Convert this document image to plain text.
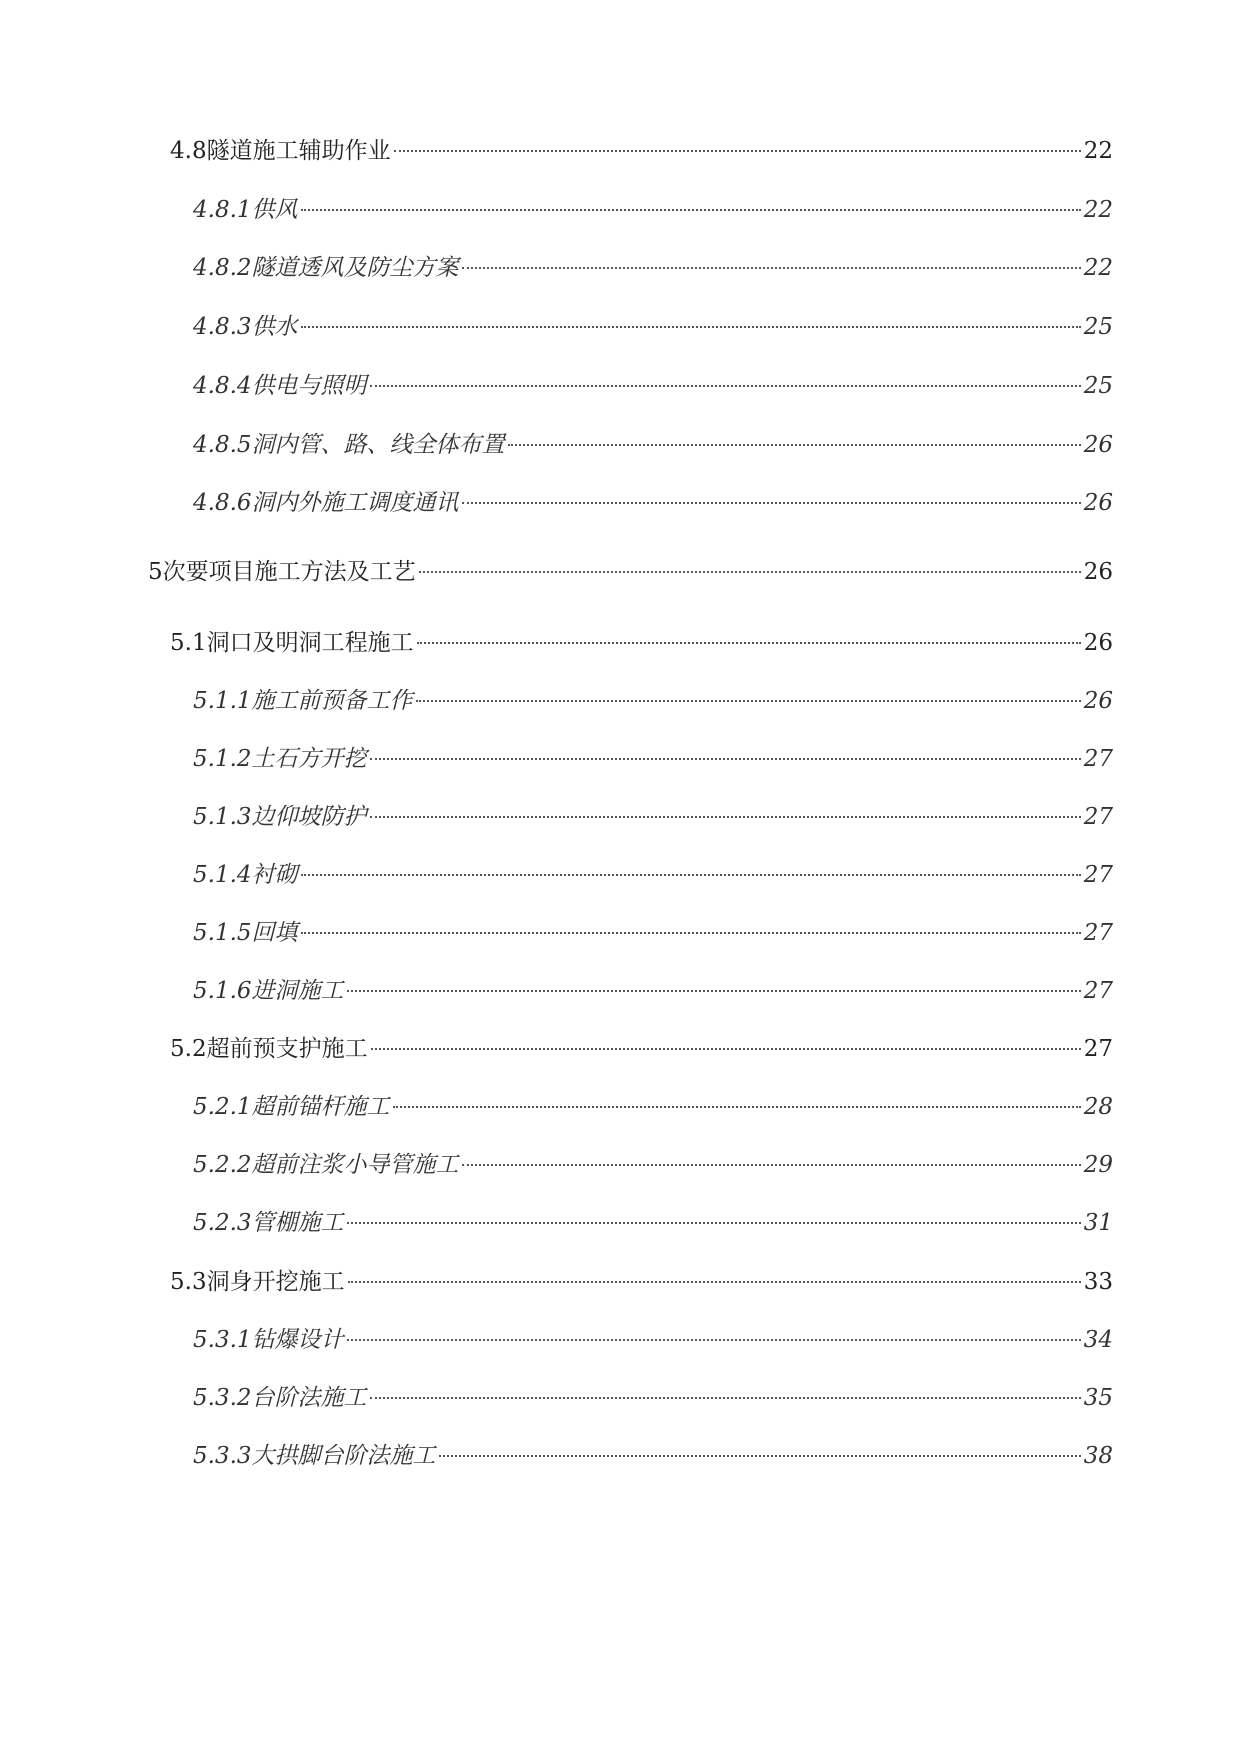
4.8隧道施工辅助作业	22
4.8.1供风	22
4.8.2隧道透风及防尘方案	22
4.8.3供水	25
4.8.4供电与照明	25
4.8.5洞内管、路、线全体布置	26
4.8.6洞内外施工调度通讯	26
5次要项目施工方法及工艺	26
5.1洞口及明洞工程施工	26
5.1.1施工前预备工作	26
5.1.2土石方开挖	27
5.1.3边仰坡防护	27
5.1.4衬砌	27
5.1.5回填	27
5.1.6进洞施工	27
5.2超前预支护施工	27
5.2.1超前锚杆施工	28
5.2.2超前注浆小导管施工	29
5.2.3管棚施工	31
5.3洞身开挖施工	33
5.3.1钻爆设计	34
5.3.2台阶法施工	35
5.3.3大拱脚台阶法施工	38
